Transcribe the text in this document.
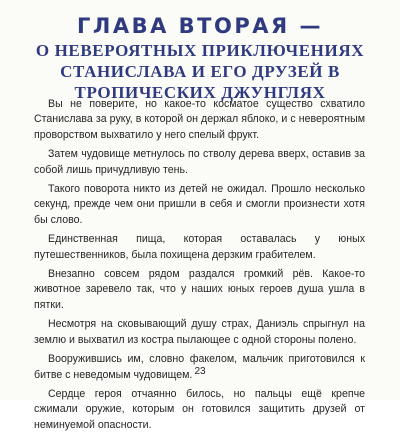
ГЛАВА ВТОРАЯ —
О НЕВЕРОЯТНЫХ ПРИКЛЮЧЕНИЯХ СТАНИСЛАВА И ЕГО ДРУЗЕЙ В ТРОПИЧЕСКИХ ДЖУНГЛЯХ

Вы не поверите, но какое-то косматое существо схватило Станислава за руку, в которой он держал яблоко, и с невероятным проворством выхватило у него спелый фрукт.

Затем чудовище метнулось по стволу дерева вверх, оставив за собой лишь причудливую тень.

Такого поворота никто из детей не ожидал. Прошло несколько секунд, прежде чем они пришли в себя и смогли произнести хотя бы слово.

Единственная пища, которая оставалась у юных путешественников, была похищена дерзким грабителем.

Внезапно совсем рядом раздался громкий рёв. Какое-то животное заревело так, что у наших юных героев душа ушла в пятки.

Несмотря на сковывающий душу страх, Даниэль спрыгнул на землю и выхватил из костра пылающее с одной стороны полено.

Вооружившись им, словно факелом, мальчик приготовился к битве с неведомым чудовищем.

Сердце героя отчаянно билось, но пальцы ещё крепче сжимали оружие, которым он готовился защитить друзей от неминуемой опасности.

23
